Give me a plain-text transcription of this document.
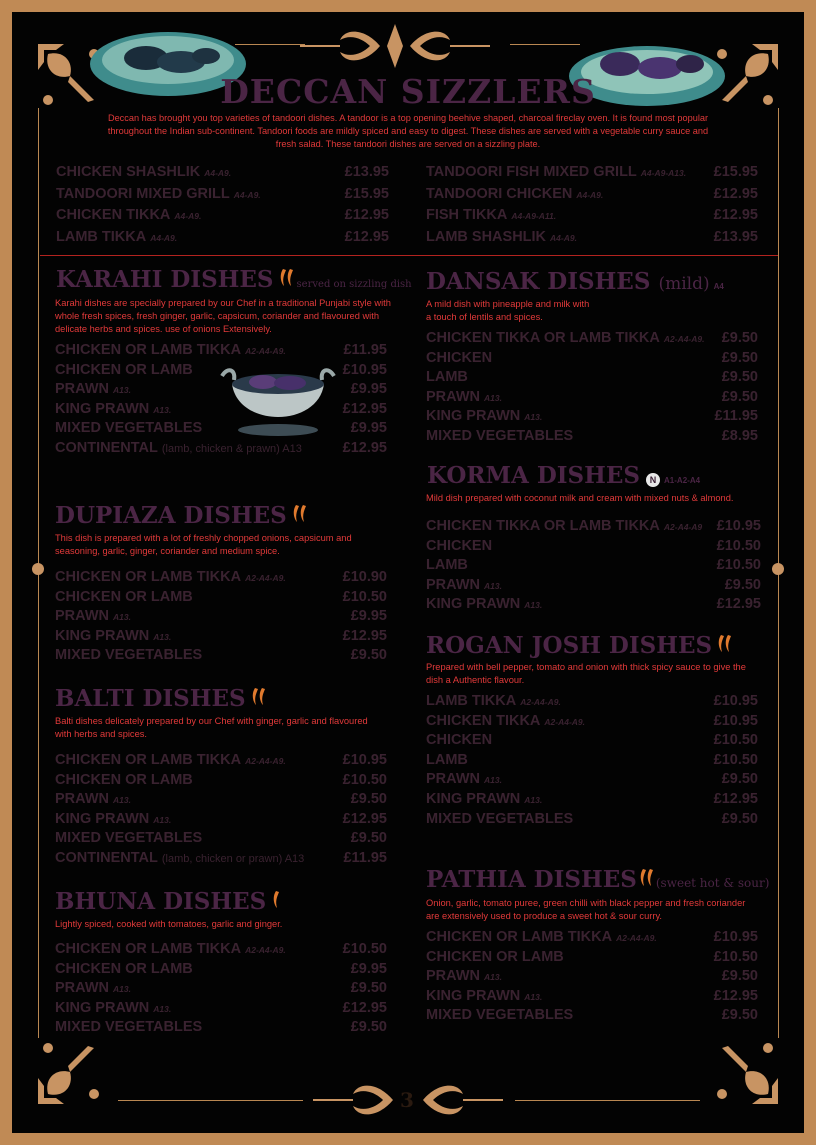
3
DECCAN SIZZLERS
Deccan has brought you top varieties of tandoori dishes. A tandoor is a top opening beehive shaped, charcoal fireclay oven. It is found most popular throughout the Indian sub-continent. Tandoori foods are mildly spiced and easy to digest. These dishes are served with a vegetable curry sauce and fresh salad. These tandoori dishes are served on a sizzling plate.
CHICKEN SHASHLIK A4-A9.	£13.95
TANDOORI MIXED GRILL A4-A9.	£15.95
CHICKEN TIKKA A4-A9.	£12.95
LAMB TIKKA A4-A9.	£12.95
TANDOORI FISH MIXED GRILL A4-A9-A13. £15.95
TANDOORI CHICKEN A4-A9.	£12.95
FISH TIKKA A4-A9-A11.	£12.95
LAMB SHASHLIK A4-A9.	£13.95
KARAHI DISHES served on sizzling dish
Karahi dishes are specially prepared by our Chef in a traditional Punjabi style with whole fresh spices, fresh ginger, garlic, capsicum, coriander and flavoured with delicate herbs and spices. use of onions Extensively.
CHICKEN OR LAMB TIKKA A2-A4-A9.	£11.95
CHICKEN OR LAMB	£10.95
PRAWN A13.	£9.95
KING PRAWN A13.	£12.95
MIXED VEGETABLES	£9.95
CONTINENTAL (lamb, chicken & prawn) A13	£12.95
DUPIAZA DISHES
This dish is prepared with a lot of freshly chopped onions, capsicum and seasoning, garlic, ginger, coriander and medium spice.
CHICKEN OR LAMB TIKKA A2-A4-A9.	£10.90
CHICKEN OR LAMB	£10.50
PRAWN A13.	£9.95
KING PRAWN A13.	£12.95
MIXED VEGETABLES	£9.50
BALTI DISHES
Balti dishes delicately prepared by our Chef with ginger, garlic and flavoured with herbs and spices.
CHICKEN OR LAMB TIKKA A2-A4-A9.	£10.95
CHICKEN OR LAMB	£10.50
PRAWN A13.	£9.50
KING PRAWN A13.	£12.95
MIXED VEGETABLES	£9.50
CONTINENTAL (lamb, chicken or prawn) A13	£11.95
BHUNA DISHES
Lightly spiced, cooked with tomatoes, garlic and ginger.
CHICKEN OR LAMB TIKKA A2-A4-A9.	£10.50
CHICKEN OR LAMB	£9.95
PRAWN A13.	£9.50
KING PRAWN A13.	£12.95
MIXED VEGETABLES	£9.50
DANSAK DISHES (mild) A4
A mild dish with pineapple and milk with
a touch of lentils and spices.
CHICKEN TIKKA OR LAMB TIKKA A2-A4-A9. £9.50
CHICKEN	£9.50
LAMB	£9.50
PRAWN A13.	£9.50
KING PRAWN A13.	£11.95
MIXED VEGETABLES	£8.95
KORMA DISHES	N A1-A2-A4
Mild dish prepared with coconut milk and cream with mixed nuts & almond.
CHICKEN TIKKA OR LAMB TIKKA A2-A4-A9 £10.95
CHICKEN	£10.50
LAMB	£10.50
PRAWN A13.	£9.50
KING PRAWN A13.	£12.95
ROGAN JOSH DISHES
Prepared with bell pepper, tomato and onion with thick spicy sauce to give the dish a Authentic flavour.
LAMB TIKKA A2-A4-A9.	£10.95
CHICKEN TIKKA A2-A4-A9.	£10.95
CHICKEN	£10.50
LAMB	£10.50
PRAWN A13.	£9.50
KING PRAWN A13.	£12.95
MIXED VEGETABLES	£9.50
PATHIA DISHES (sweet hot & sour)
Onion, garlic, tomato puree, green chilli with black pepper and fresh coriander are extensively used to produce a sweet hot & sour curry.
CHICKEN OR LAMB TIKKA A2-A4-A9.	£10.95
CHICKEN OR LAMB	£10.50
PRAWN A13.	£9.50
KING PRAWN A13.	£12.95
MIXED VEGETABLES	£9.50
